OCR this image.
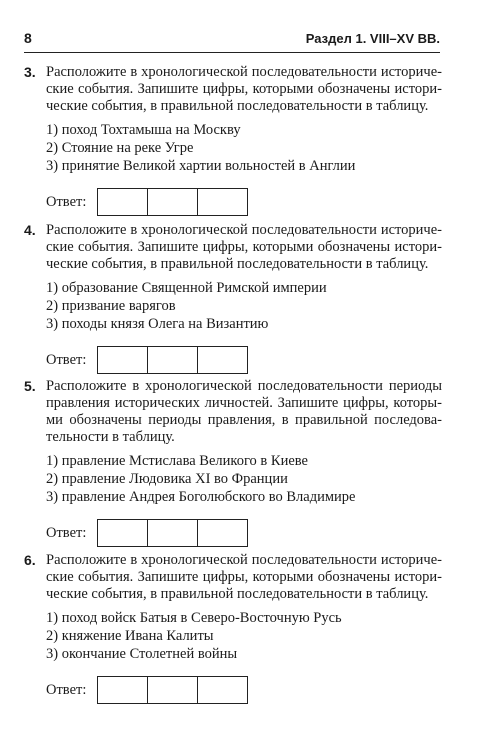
8	Раздел 1. VIII–XV ВВ.
3. Расположите в хронологической последовательности исторические события. Запишите цифры, которыми обозначены исторические события, в правильной последовательности в таблицу.
1) поход Тохтамыша на Москву
2) Стояние на реке Угре
3) принятие Великой хартии вольностей в Англии
Ответ:
4. Расположите в хронологической последовательности исторические события. Запишите цифры, которыми обозначены исторические события, в правильной последовательности в таблицу.
1) образование Священной Римской империи
2) призвание варягов
3) походы князя Олега на Византию
Ответ:
5. Расположите в хронологической последовательности периоды правления исторических личностей. Запишите цифры, которыми обозначены периоды правления, в правильной последовательности в таблицу.
1) правление Мстислава Великого в Киеве
2) правление Людовика XI во Франции
3) правление Андрея Боголюбского во Владимире
Ответ:
6. Расположите в хронологической последовательности исторические события. Запишите цифры, которыми обозначены исторические события, в правильной последовательности в таблицу.
1) поход войск Батыя в Северо-Восточную Русь
2) княжение Ивана Калиты
3) окончание Столетней войны
Ответ:
